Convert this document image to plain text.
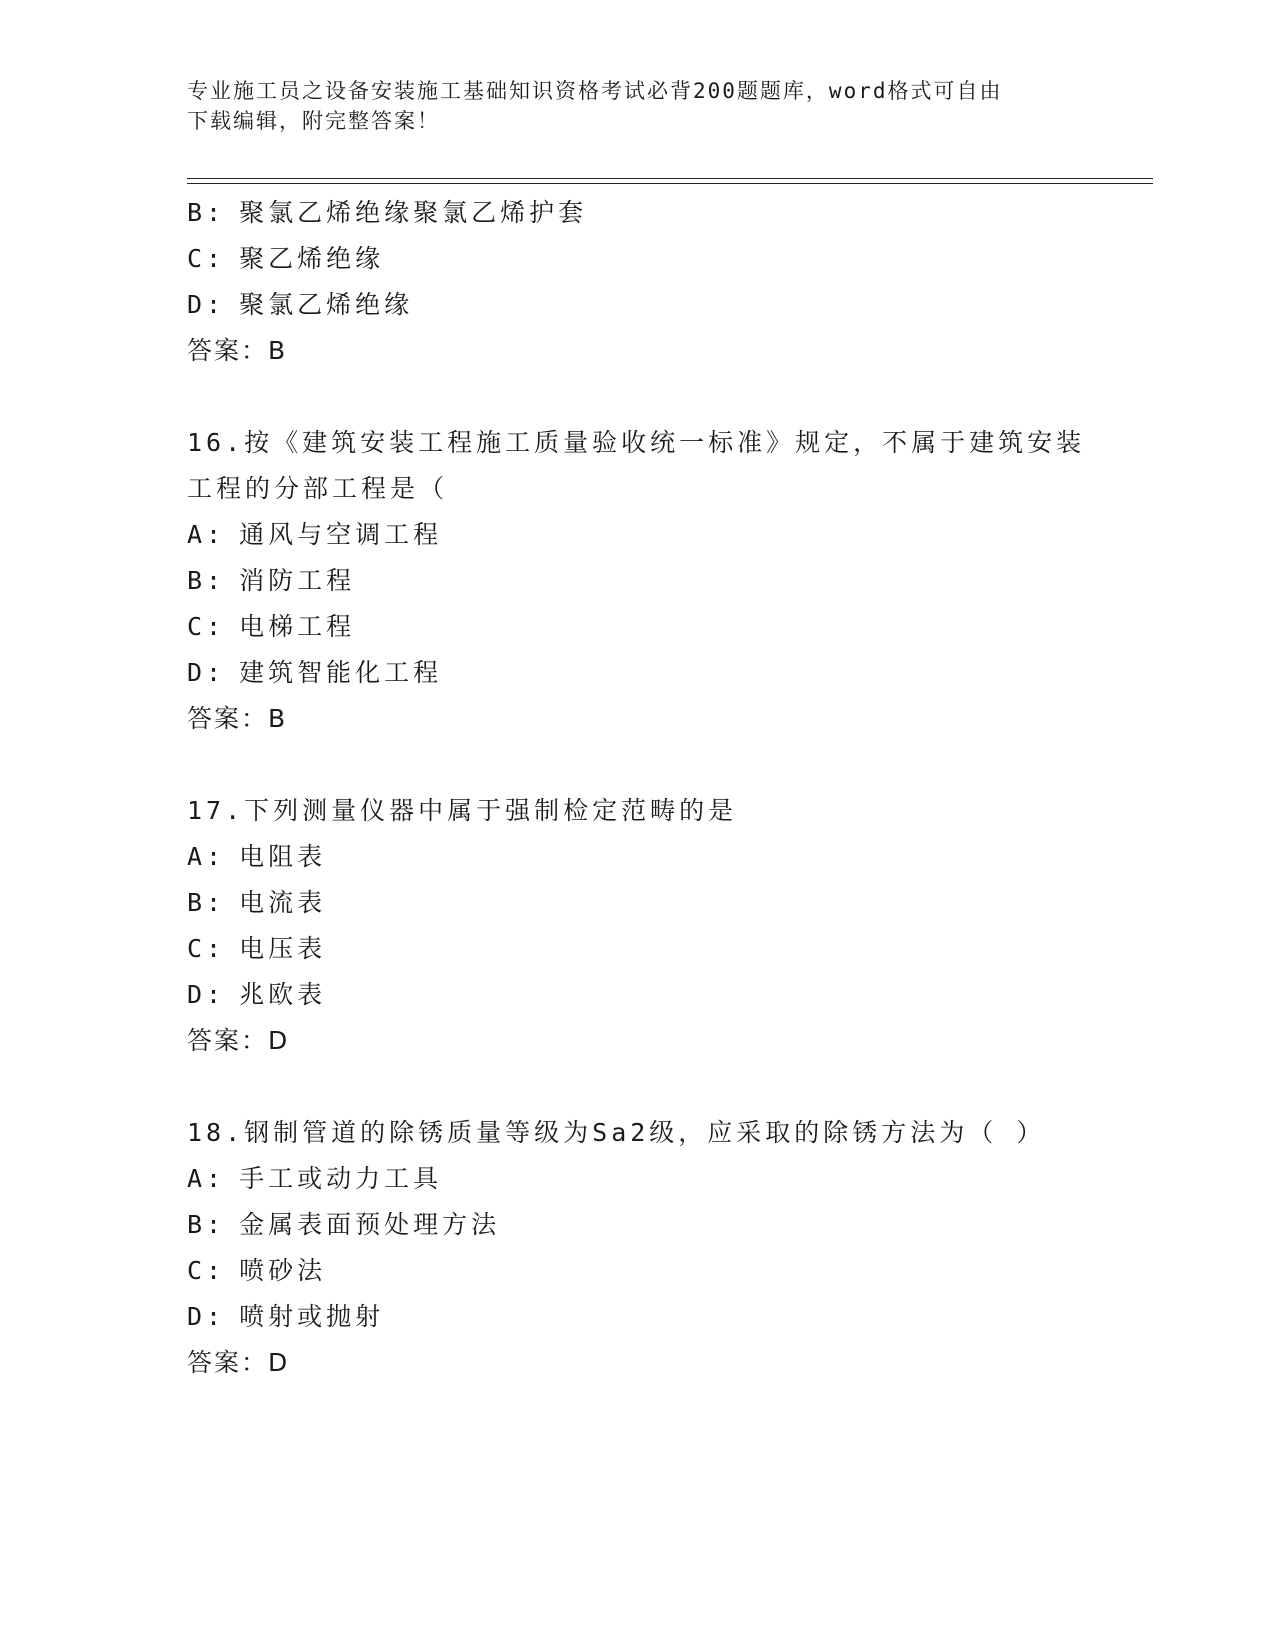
专业施工员之设备安装施工基础知识资格考试必背200题题库，word格式可自由
下载编辑，附完整答案！
B: 聚氯乙烯绝缘聚氯乙烯护套
C: 聚乙烯绝缘
D: 聚氯乙烯绝缘
答案：B
16.按《建筑安装工程施工质量验收统一标准》规定，不属于建筑安装
工程的分部工程是（
A: 通风与空调工程
B: 消防工程
C: 电梯工程
D: 建筑智能化工程
答案：B
17.下列测量仪器中属于强制检定范畴的是
A: 电阻表
B: 电流表
C: 电压表
D: 兆欧表
答案：D
18.钢制管道的除锈质量等级为Sa2级，应采取的除锈方法为（ ）
A: 手工或动力工具
B: 金属表面预处理方法
C: 喷砂法
D: 喷射或抛射
答案：D
